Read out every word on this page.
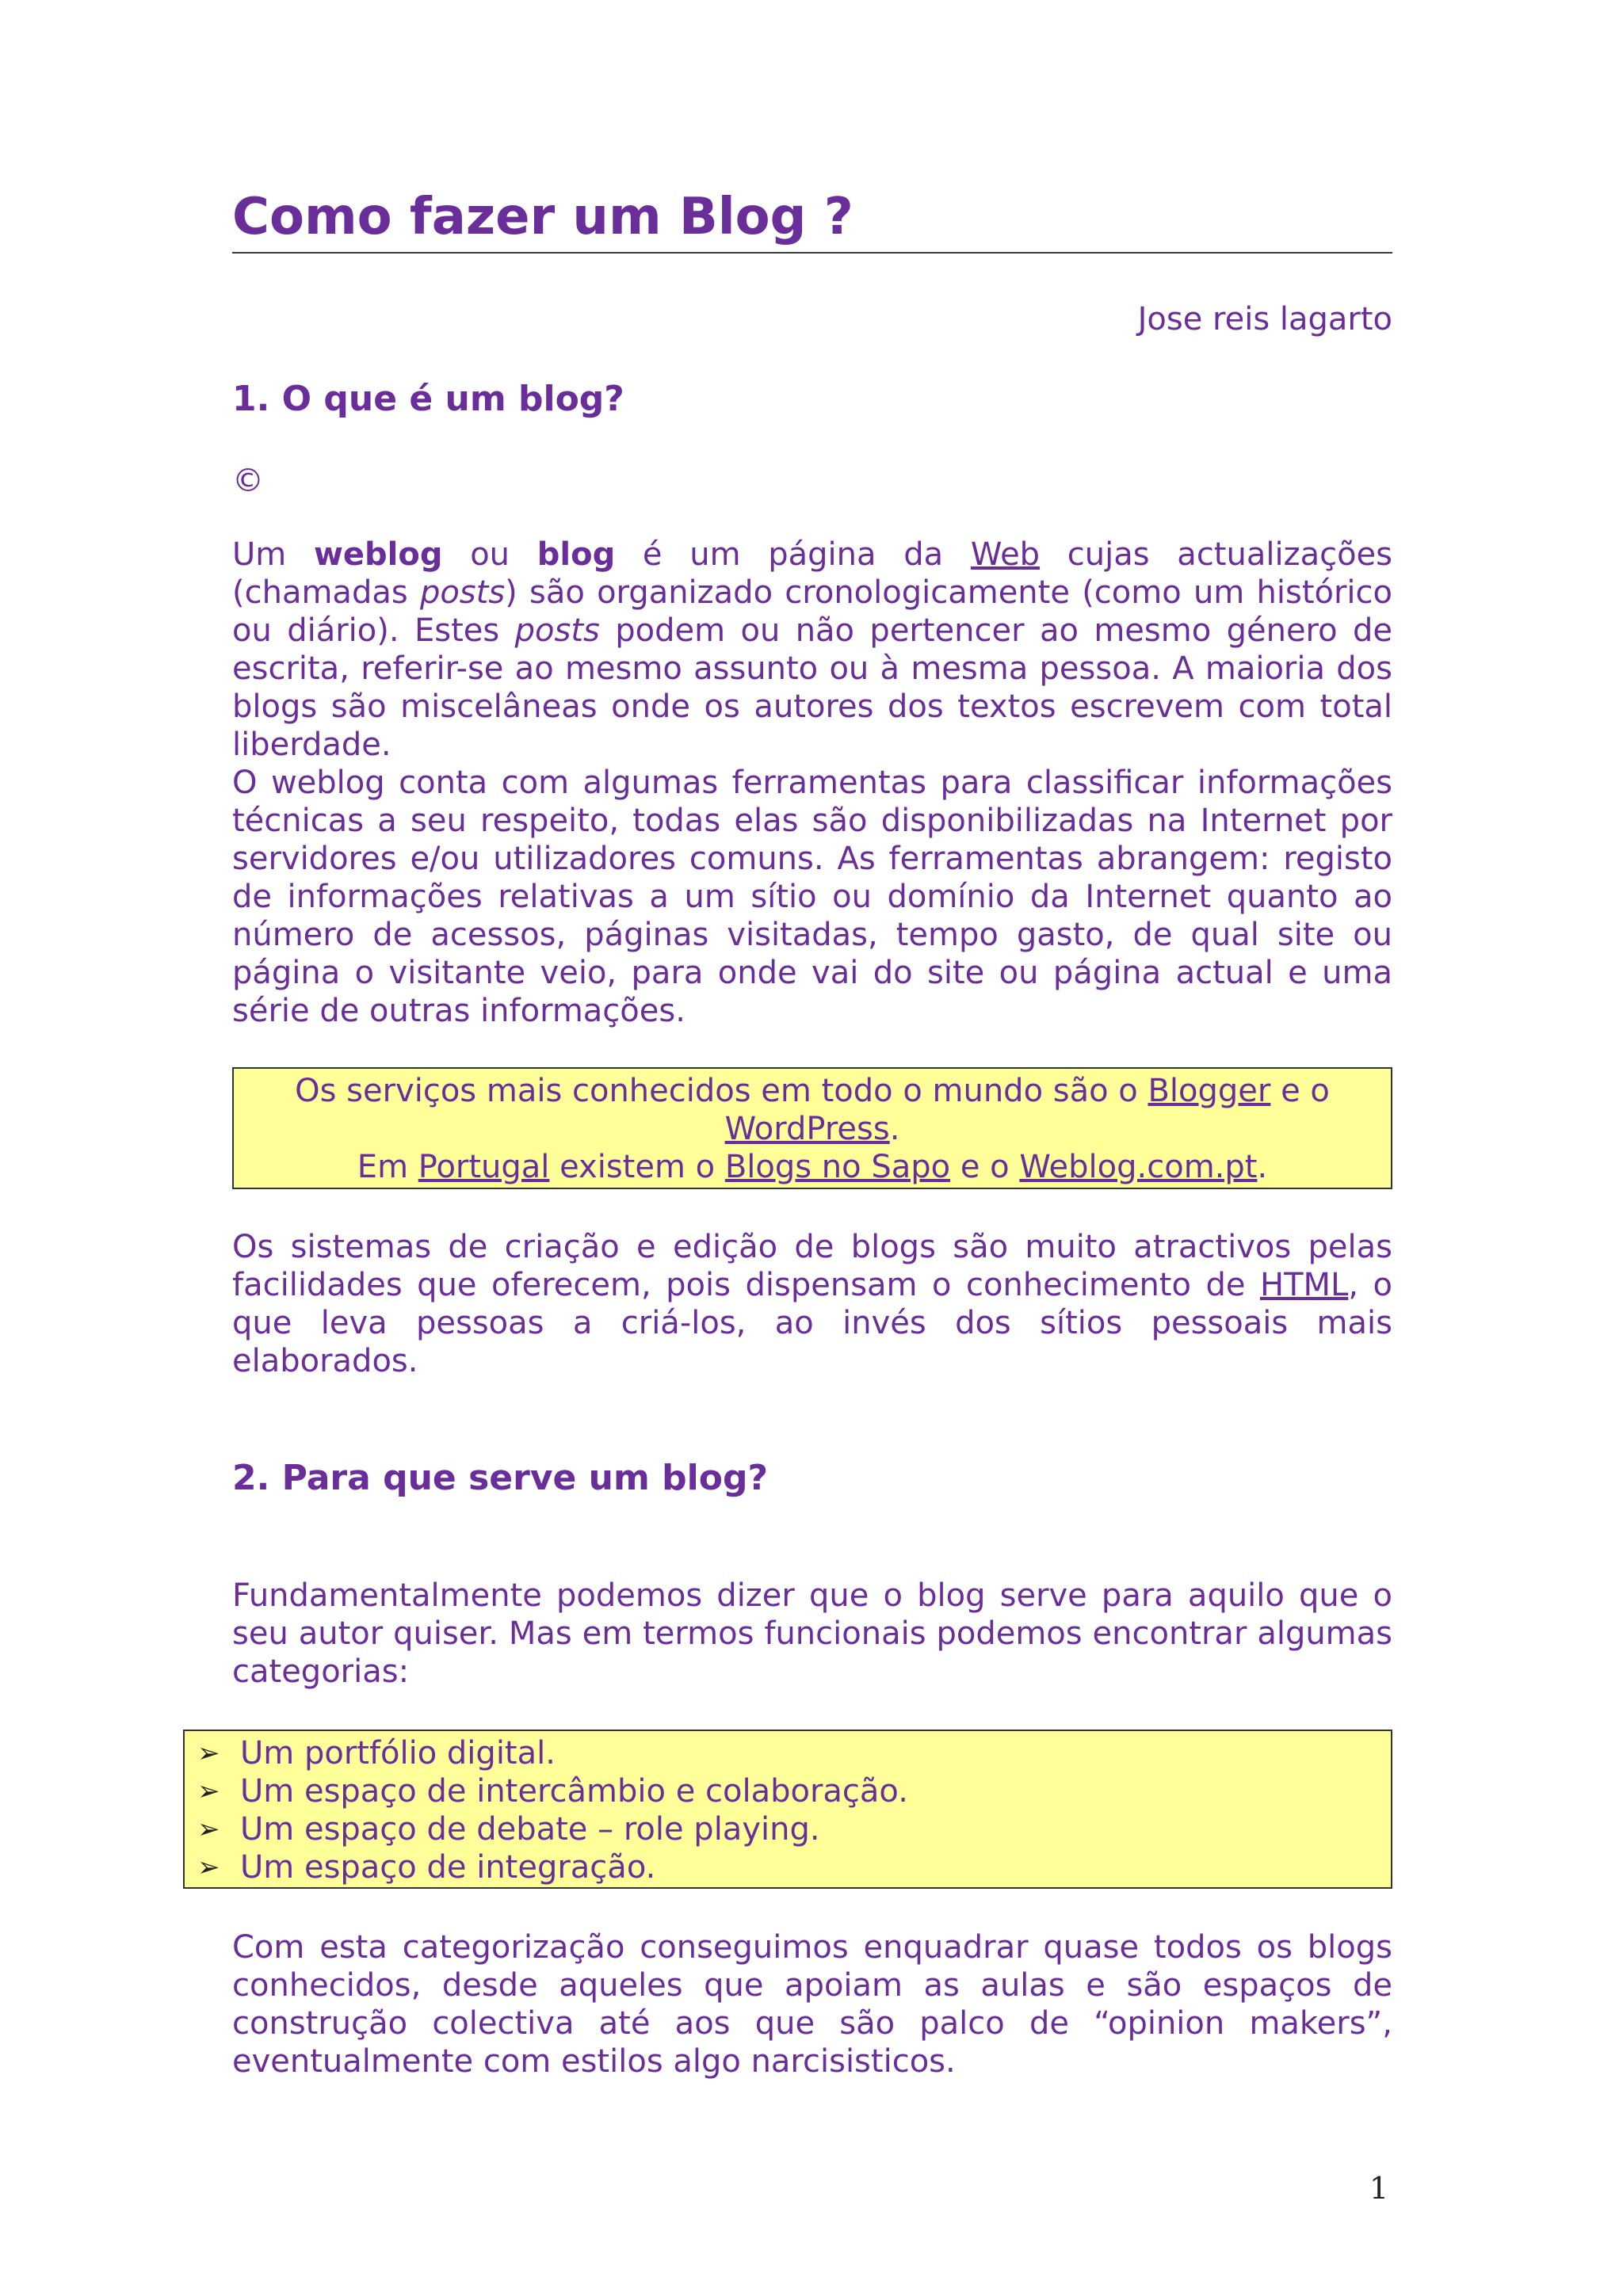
Como fazer um Blog ?
Jose reis lagarto
1. O que é um blog?
©
Um weblog ou blog é um página da Web cujas actualizações (chamadas posts) são organizado cronologicamente (como um histórico ou diário). Estes posts podem ou não pertencer ao mesmo género de escrita, referir-se ao mesmo assunto ou à mesma pessoa. A maioria dos blogs são miscelâneas onde os autores dos textos escrevem com total liberdade.
O weblog conta com algumas ferramentas para classificar informações técnicas a seu respeito, todas elas são disponibilizadas na Internet por servidores e/ou utilizadores comuns. As ferramentas abrangem: registo de informações relativas a um sítio ou domínio da Internet quanto ao número de acessos, páginas visitadas, tempo gasto, de qual site ou página o visitante veio, para onde vai do site ou página actual e uma série de outras informações.
Os serviços mais conhecidos em todo o mundo são o Blogger e o WordPress.
Em Portugal existem o Blogs no Sapo e o Weblog.com.pt.
Os sistemas de criação e edição de blogs são muito atractivos pelas facilidades que oferecem, pois dispensam o conhecimento de HTML, o que leva pessoas a criá-los, ao invés dos sítios pessoais mais elaborados.
2. Para que serve um blog?
Fundamentalmente podemos dizer que o blog serve para aquilo que o seu autor quiser. Mas em termos funcionais podemos encontrar algumas categorias:
➢ Um portfólio digital.
➢ Um espaço de intercâmbio e colaboração.
➢ Um espaço de debate – role playing.
➢ Um espaço de integração.
Com esta categorização conseguimos enquadrar quase todos os blogs conhecidos, desde aqueles que apoiam as aulas e são espaços de construção colectiva até aos que são palco de “opinion makers”, eventualmente com estilos algo narcisisticos.
1
